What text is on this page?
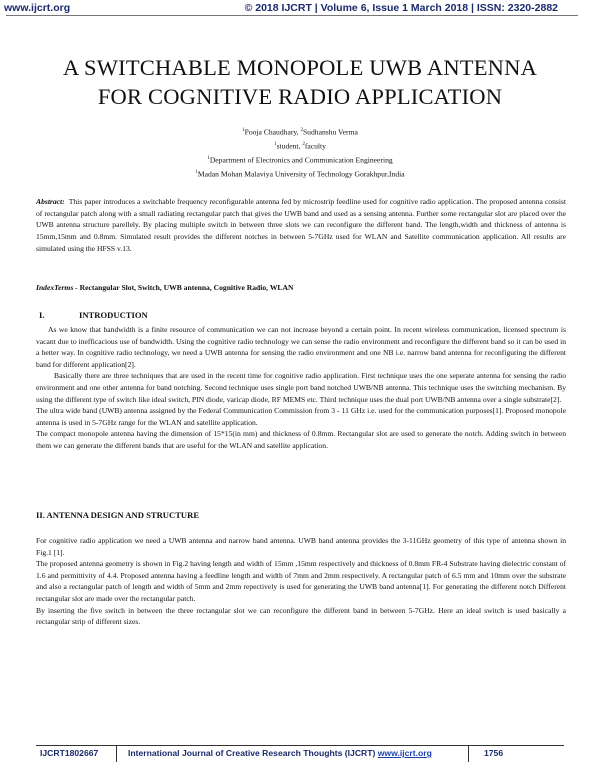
www.ijcrt.org	© 2018 IJCRT | Volume 6, Issue 1 March 2018 | ISSN: 2320-2882
A SWITCHABLE MONOPOLE UWB ANTENNA
FOR COGNITIVE RADIO APPLICATION
$^1$Pooja Chaudhary, $^2$Sudhanshu Verma
$^1$student, $^2$faculty
$^1$Department of Electronics and Communication Engineering
$^1$Madan Mohan Malaviya University of Technology Gorakhpur,India
Abstract: This paper introduces a switchable frequency reconfigurable antenna fed by microstrip feedline used for cognitive radio application. The proposed antenna consist of rectangular patch along with a small radiating rectangular patch that gives the UWB band and used as a sensing antenna. Further some rectangular slot are placed over the UWB antenna structure parellely. By placing multiple switch in between three slots we can reconfigure the different band. The length,width and thickness of antenna is 15mm,15mm and 0.8mm. Simulated result provides the different notches in between 5-7GHz used for WLAN and Satellite communication application. All results are simulated using the HFSS v.13.
IndexTerms - Rectangular Slot, Switch, UWB antenna, Cognitive Radio, WLAN
I.	INTRODUCTION

As we know that bandwidth is a finite resource of communication we can not increase beyond a certain point. In recent wireless communication, licensed spectrum is vacant due to inefficacious use of bandwidth. Using the cognitive radio technology we can sense the radio environment and reconfigure the different band so it can be used in a better way. In cognitive radio technology, we need a UWB antenna for sensing the radio environment and one NB i.e. narrow band antenna for reconfiguring the different band for different application[2].

Basically there are three techniques that are used in the recent time for cognitive radio application. First technique uses the one seperate antenna for sensing the radio environment and one other antenna for band notching. Second technique uses single port band notched UWB/NB antenna. This technique uses the switching mechanism. By using the different type of switch like ideal switch, PIN diode, varicap diode, RF MEMS etc. Third technique uses the dual port UWB/NB antenna over a single substrate[2].

The ultra wide band (UWB) antenna assigned by the Federal Communication Commission from 3 - 11 GHz i.e. used for the communication purposes[1]. Proposed monopole antenna is used in 5-7GHz range for the WLAN and satellite application.

The compact monopole antenna having the dimension of 15*15(in mm) and thickness of 0.8mm. Rectangular slot are used to generate the notch. Adding switch in between them we can generate the different bands that are useful for the WLAN and satellite application.

II. ANTENNA DESIGN AND STRUCTURE

For cognitive radio application we need a UWB antenna and narrow band antenna. UWB band antenna provides the 3-11GHz geometry of this type of antenna shown in Fig.1 [1].

The proposed antenna geometry is shown in Fig.2 having length and width of 15mm ,15mm respectively and thickness of 0.8mm FR-4 Substrate having dielectric constant of 1.6 and permittivity of 4.4. Proposed antenna having a feedline length and width of 7mm and 2mm respectively. A rectangular patch of 6.5 mm and 10mm over the substrate and also a rectangular patch of length and width of 5mm and 2mm repectively is used for generating the UWB band antenna[1]. For generating the different notch Different rectangular slot are made over the rectangular patch.

By inserting the five switch in between the three rectangular slot we can reconfigure the different band in between 5-7GHz. Here an ideal switch is used basically a rectangular strip of different sizes.

IJCRT1802667	International Journal of Creative Research Thoughts (IJCRT) www.ijcrt.org	1756
